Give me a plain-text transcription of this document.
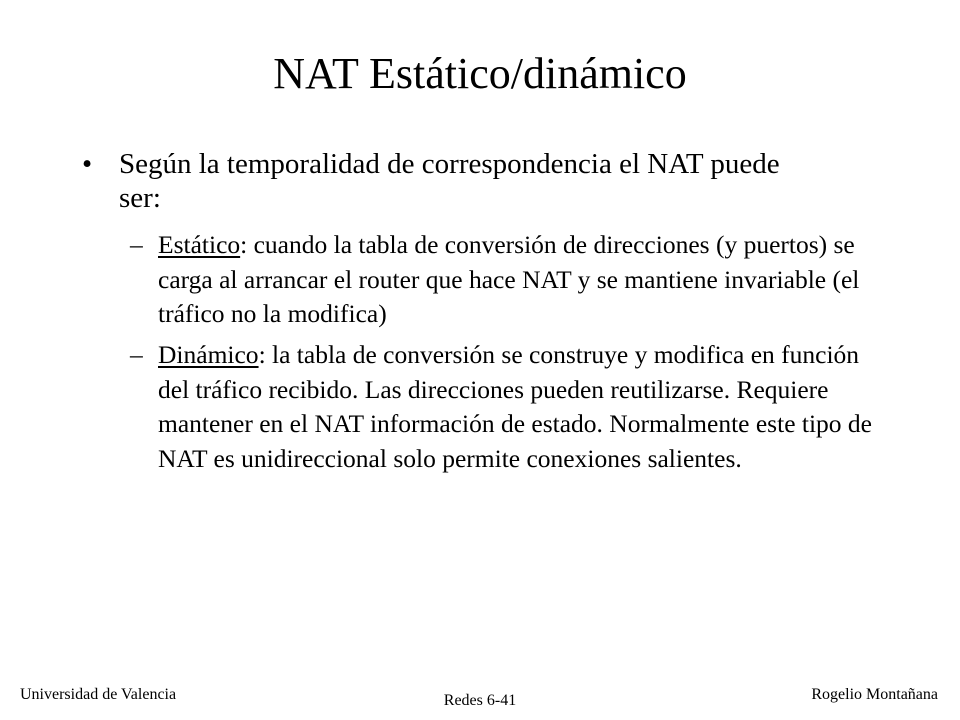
NAT Estático/dinámico
• Según la temporalidad de correspondencia el NAT puede ser:
– Estático: cuando la tabla de conversión de direcciones (y puertos) se carga al arrancar el router que hace NAT y se mantiene invariable (el tráfico no la modifica)
– Dinámico: la tabla de conversión se construye y modifica en función del tráfico recibido. Las direcciones pueden reutilizarse. Requiere mantener en el NAT información de estado. Normalmente este tipo de NAT es unidireccional solo permite conexiones salientes.
Universidad de Valencia	Redes 6-41	Rogelio Montañana
